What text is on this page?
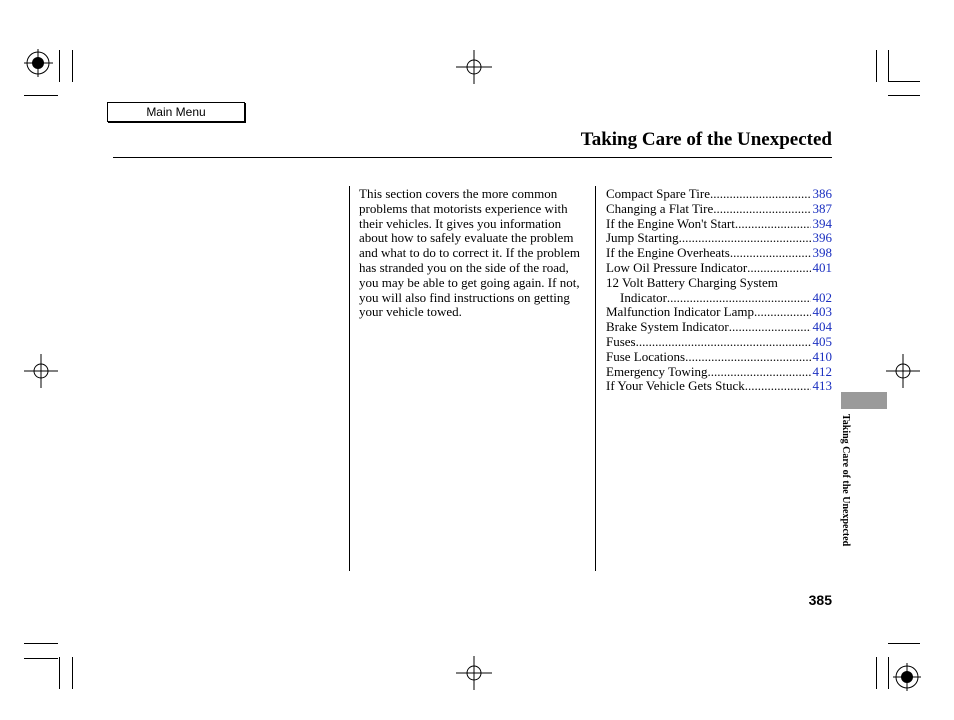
Main Menu
Taking Care of the Unexpected

This section covers the more common problems that motorists experience with their vehicles. It gives you information about how to safely evaluate the problem and what to do to correct it. If the problem has stranded you on the side of the road, you may be able to get going again. If not, you will also find instructions on getting your vehicle towed.

Compact Spare Tire .....	386
Changing a Flat Tire .....	387
If the Engine Won't Start .....	394
Jump Starting .....	396
If the Engine Overheats .....	398
Low Oil Pressure Indicator .....	401
12 Volt Battery Charging System
Indicator .....	402
Malfunction Indicator Lamp .....	403
Brake System Indicator .....	404
Fuses .....	405
Fuse Locations .....	410
Emergency Towing .....	412
If Your Vehicle Gets Stuck .....	413
Taking Care of the Unexpected
385
